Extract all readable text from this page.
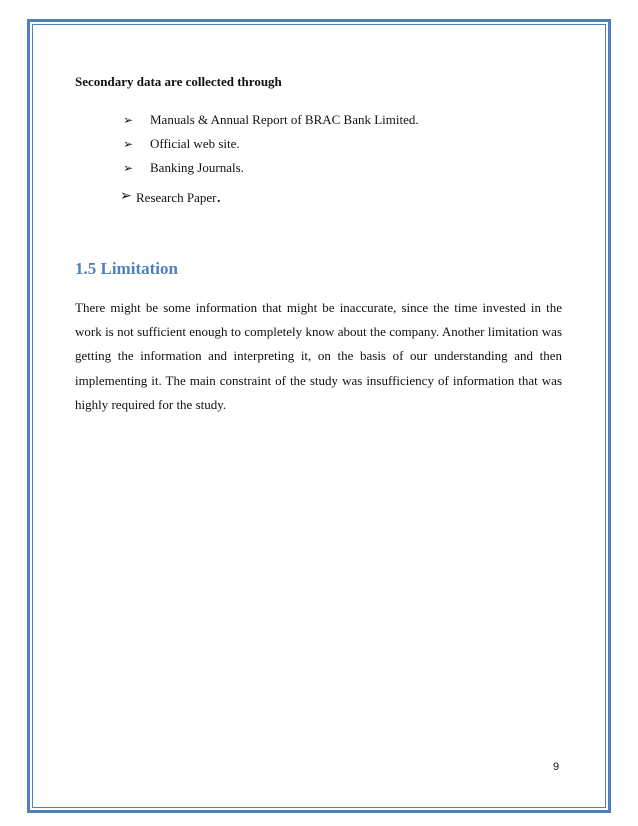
Secondary data are collected through

➢ Manuals & Annual Report of BRAC Bank Limited.
➢ Official web site.
➢ Banking Journals.
➢ Research Paper.
1.5 Limitation

There might be some information that might be inaccurate, since the time invested in the work is not sufficient enough to completely know about the company. Another limitation was getting the information and interpreting it, on the basis of our understanding and then implementing it. The main constraint of the study was insufficiency of information that was highly required for the study.

9
